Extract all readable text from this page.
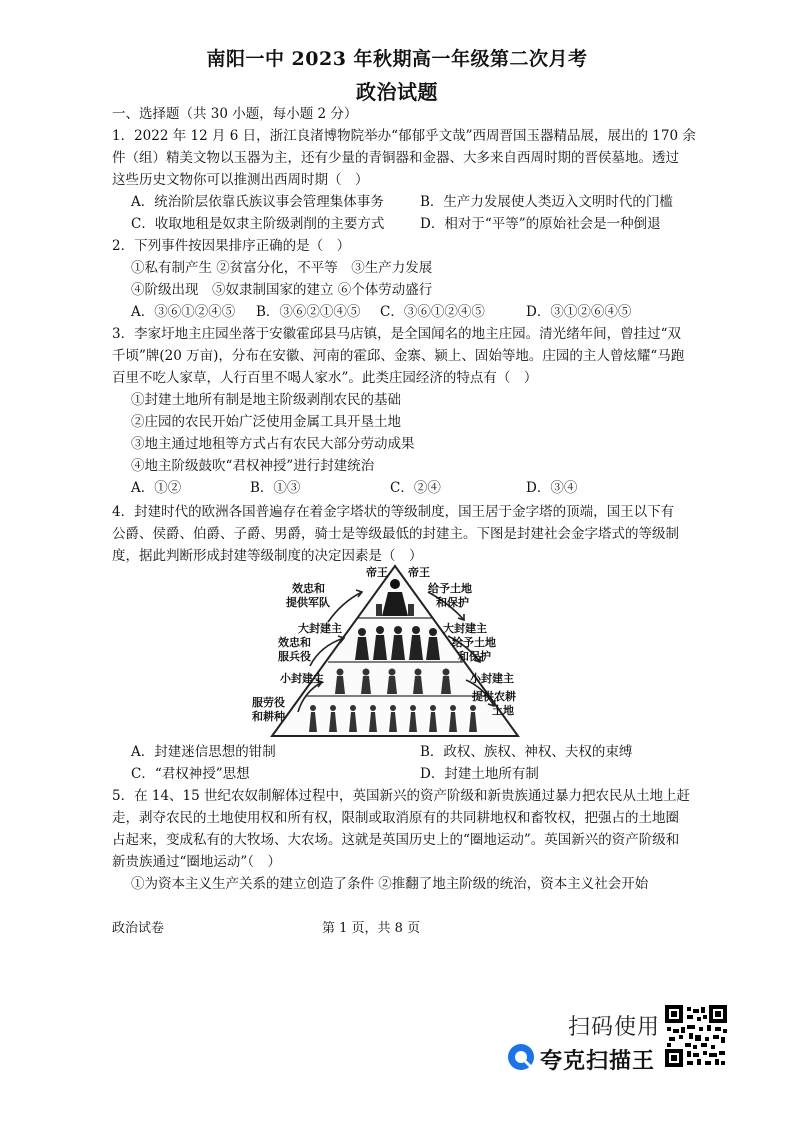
南阳一中 2023 年秋期高一年级第二次月考
政治试题
一、选择题（共 30 小题，每小题 2 分）
1．2022 年 12 月 6 日，浙江良渚博物院举办“郁郁乎文哉”西周晋国玉器精品展，展出的 170 余
件（组）精美文物以玉器为主，还有少量的青铜器和金器、大多来自西周时期的晋侯墓地。透过
这些历史文物你可以推测出西周时期（　）
A．统治阶层依靠氏族议事会管理集体事务	B．生产力发展使人类迈入文明时代的门槛
C．收取地租是奴隶主阶级剥削的主要方式	D．相对于“平等”的原始社会是一种倒退
2．下列事件按因果排序正确的是（　）
①私有制产生 ②贫富分化，不平等　③生产力发展
④阶级出现　⑤奴隶制国家的建立 ⑥个体劳动盛行
A．③⑥①②④⑤ B．③⑥②①④⑤ C．③⑥①②④⑤	D．③①②⑥④⑤
3．李家圩地主庄园坐落于安徽霍邱县马店镇，是全国闻名的地主庄园。清光绪年间，曾挂过“双
千顷”牌(20 万亩)，分布在安徽、河南的霍邱、金寨、颍上、固始等地。庄园的主人曾炫耀“马跑
百里不吃人家草，人行百里不喝人家水”。此类庄园经济的特点有（　）
①封建土地所有制是地主阶级剥削农民的基础
②庄园的农民开始广泛使用金属工具开垦土地
③地主通过地租等方式占有农民大部分劳动成果
④地主阶级鼓吹“君权神授”进行封建统治
A．①②	B．①③	C．②④	D．③④
4．封建时代的欧洲各国普遍存在着金字塔状的等级制度，国王居于金字塔的顶端，国王以下有
公爵、侯爵、伯爵、子爵、男爵，骑士是等级最低的封建主。下图是封建社会金字塔式的等级制
度，据此判断形成封建等级制度的决定因素是（　）
帝王 帝王
效忠和
提供军队
给予土地
和保护
大封建主	大封建主
效忠和
服兵役
给予土地
和保护
小封建主	小封建主
服劳役
和耕种
提供农耕
土地
A．封建迷信思想的钳制	B．政权、族权、神权、夫权的束缚
C．“君权神授”思想	D．封建土地所有制
5．在 14、15 世纪农奴制解体过程中，英国新兴的资产阶级和新贵族通过暴力把农民从土地上赶
走，剥夺农民的土地使用权和所有权，限制或取消原有的共同耕地权和畜牧权，把强占的土地圈
占起来，变成私有的大牧场、大农场。这就是英国历史上的“圈地运动”。英国新兴的资产阶级和
新贵族通过“圈地运动”（　）
①为资本主义生产关系的建立创造了条件 ②推翻了地主阶级的统治，资本主义社会开始
政治试卷	第 1 页，共 8 页
扫码使用
夸克扫描王
